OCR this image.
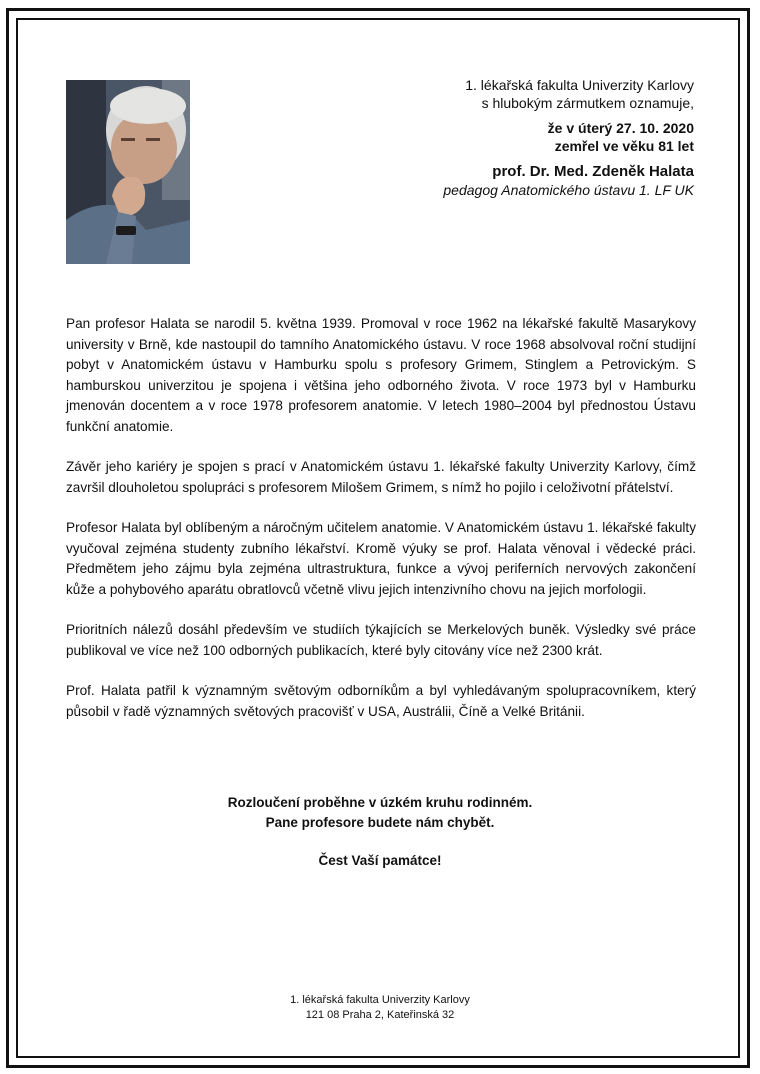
1. lékařská fakulta Univerzity Karlovy
s hlubokým zármutkem oznamuje,
že v úterý 27. 10. 2020
zemřel ve věku 81 let
prof. Dr. Med. Zdeněk Halata
pedagog Anatomického ústavu 1. LF UK

Pan profesor Halata se narodil 5. května 1939. Promoval v roce 1962 na lékařské fakultě Masarykovy university v Brně, kde nastoupil do tamního Anatomického ústavu. V roce 1968 absolvoval roční studijní pobyt v Anatomickém ústavu v Hamburku spolu s profesory Grimem, Stinglem a Petrovickým. S hamburskou univerzitou je spojena i většina jeho odborného života. V roce 1973 byl v Hamburku jmenován docentem a v roce 1978 profesorem anatomie. V letech 1980–2004 byl přednostou Ústavu funkční anatomie.

Závěr jeho kariéry je spojen s prací v Anatomickém ústavu 1. lékařské fakulty Univerzity Karlovy, čímž završil dlouholetou spolupráci s profesorem Milošem Grimem, s nímž ho pojilo i celoživotní přátelství.

Profesor Halata byl oblíbeným a náročným učitelem anatomie. V Anatomickém ústavu 1. lékařské fakulty vyučoval zejména studenty zubního lékařství. Kromě výuky se prof. Halata věnoval i vědecké práci. Předmětem jeho zájmu byla zejména ultrastruktura, funkce a vývoj periferních nervových zakončení kůže a pohybového aparátu obratlovců včetně vlivu jejich intenzivního chovu na jejich morfologii.

Prioritních nálezů dosáhl především ve studiích týkajících se Merkelových buněk. Výsledky své práce publikoval ve více než 100 odborných publikacích, které byly citovány více než 2300 krát.

Prof. Halata patřil k významným světovým odborníkům a byl vyhledávaným spolupracovníkem, který působil v řadě významných světových pracovišť v USA, Austrálii, Číně a Velké Británii.

Rozloučení proběhne v úzkém kruhu rodinném.
Pane profesore budete nám chybět.
Čest Vaší památce!
1. lékařská fakulta Univerzity Karlovy
121 08 Praha 2, Kateřinská 32
